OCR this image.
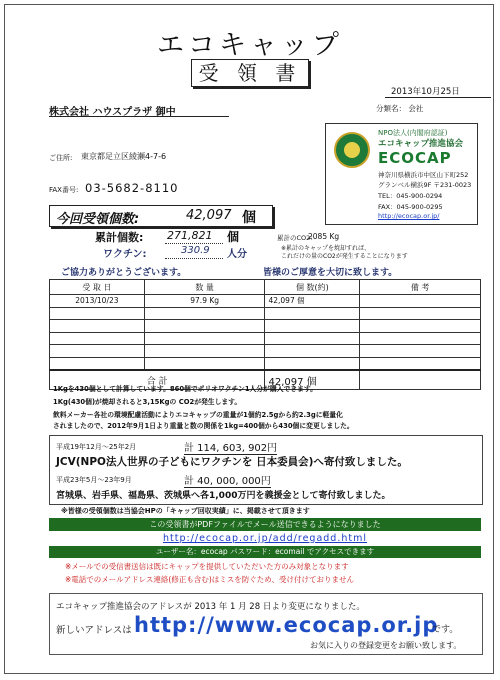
エコキャップ
受 領 書
2013年10月25日
株式会社 ハウスプラザ 御中	分類名： 会社
ご住所: 東京都足立区綾瀬4-7-6
FAX番号: 03-5682-8110
NPO法人(内閣府認証)
エコキャップ推進協会
ECOCAP
神奈川県横浜市中区山下町252
グランベル横浜9F 〒231-0023
TEL：045-900-0294
FAX：045-900-0295
http://ecocap.or.jp/
今回受領個数:	42,097 個
累計個数: 271,821 個
ワクチン:	330.9 人分
累計のCO2：
2085 Kg
※累計のキャップを焼却すれば、
これだけの量のCO2が発生することになります
ご協力ありがとうございます。	皆様のご厚意を大切に致します。
受 取 日	数 量	個 数(約)	備 考
2013/10/23	97.9 Kg	42,097 個	

合 計		42,097 個	
1Kgを430個として計算しています。860個でポリオワクチン1人分が購入できます。
1Kg(430個)が焼却されると3,15Kgの CO2が発生します。
飲料メーカー各社の環境配慮活動によりエコキャップの重量が1個約2.5gから約2.3gに軽量化
されましたので、2012年9月1日より重量と数の関係を1kg=400個から430個に変更しました。
平成19年12月～25年2月	計 114, 603, 902円
JCV(NPO法人世界の子どもにワクチンを 日本委員会)へ寄付致しました。
平成23年5月～23年9月	計 40, 000, 000円
宮城県、岩手県、福島県、茨城県へ各1,000万円を義援金として寄付致しました。
※皆様の受領個数は当協会HPの「キャップ回収実績」に、掲載させて頂きます
この受領書がPDFファイルでメール送信できるようになりました
http://ecocap.or.jp/add/regadd.html
ユーザー名：ecocap パスワード：ecomail でアクセスできます
※メールでの受信書送信は既にキャップを提供していただいた方のみ対象となります
※電話でのメールアドレス連絡(修正も含む)はミスを防ぐため、受け付けておりません
エコキャップ推進協会のアドレスが 2013 年 1 月 28 日より変更になりました。
新しいアドレスは http://www.ecocap.or.jp
です。
お気に入りの登録変更をお願い致します。
